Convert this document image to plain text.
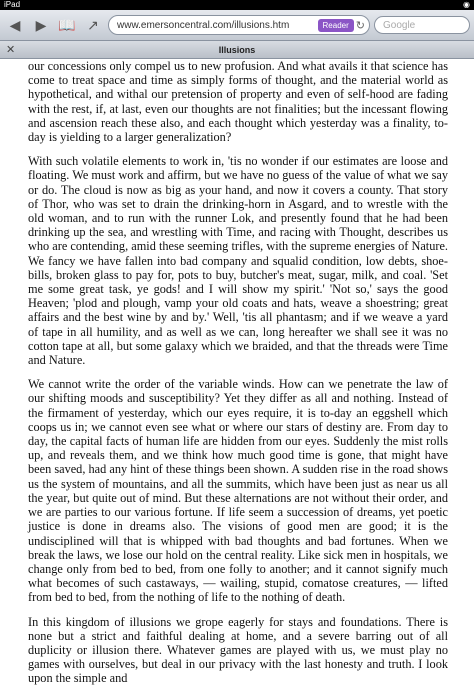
iPad	◉
◀	▶ 📖 ↗	www.emersoncentral.com/illusions.htm	Reader ↻	Google
✕	Illusions

our concessions only compel us to new profusion. And what avails it that science has come to treat space and time as simply forms of thought, and the material world as hypothetical, and withal our pretension of property and even of self-hood are fading with the rest, if, at last, even our thoughts are not finalities; but the incessant flowing and ascension reach these also, and each thought which yesterday was a finality, to-day is yielding to a larger generalization?

With such volatile elements to work in, 'tis no wonder if our estimates are loose and floating. We must work and affirm, but we have no guess of the value of what we say or do. The cloud is now as big as your hand, and now it covers a county. That story of Thor, who was set to drain the drinking-horn in Asgard, and to wrestle with the old woman, and to run with the runner Lok, and presently found that he had been drinking up the sea, and wrestling with Time, and racing with Thought, describes us who are contending, amid these seeming trifles, with the supreme energies of Nature. We fancy we have fallen into bad company and squalid condition, low debts, shoe-bills, broken glass to pay for, pots to buy, butcher's meat, sugar, milk, and coal. 'Set me some great task, ye gods! and I will show my spirit.' 'Not so,' says the good Heaven; 'plod and plough, vamp your old coats and hats, weave a shoestring; great affairs and the best wine by and by.' Well, 'tis all phantasm; and if we weave a yard of tape in all humility, and as well as we can, long hereafter we shall see it was no cotton tape at all, but some galaxy which we braided, and that the threads were Time and Nature.

We cannot write the order of the variable winds. How can we penetrate the law of our shifting moods and susceptibility? Yet they differ as all and nothing. Instead of the firmament of yesterday, which our eyes require, it is to-day an eggshell which coops us in; we cannot even see what or where our stars of destiny are. From day to day, the capital facts of human life are hidden from our eyes. Suddenly the mist rolls up, and reveals them, and we think how much good time is gone, that might have been saved, had any hint of these things been shown. A sudden rise in the road shows us the system of mountains, and all the summits, which have been just as near us all the year, but quite out of mind. But these alternations are not without their order, and we are parties to our various fortune. If life seem a succession of dreams, yet poetic justice is done in dreams also. The visions of good men are good; it is the undisciplined will that is whipped with bad thoughts and bad fortunes. When we break the laws, we lose our hold on the central reality. Like sick men in hospitals, we change only from bed to bed, from one folly to another; and it cannot signify much what becomes of such castaways, — wailing, stupid, comatose creatures, — lifted from bed to bed, from the nothing of life to the nothing of death.

In this kingdom of illusions we grope eagerly for stays and foundations. There is none but a strict and faithful dealing at home, and a severe barring out of all duplicity or illusion there. Whatever games are played with us, we must play no games with ourselves, but deal in our privacy with the last honesty and truth. I look upon the simple and
